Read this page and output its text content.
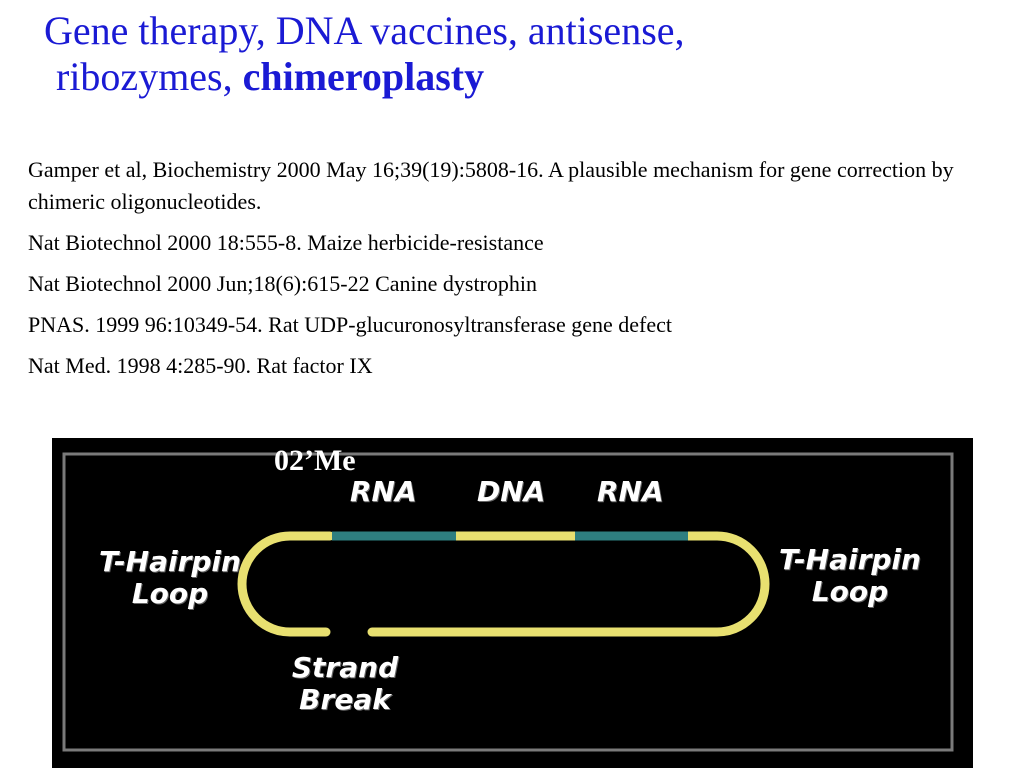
Gene therapy, DNA vaccines, antisense,
ribozymes, chimeroplasty

Gamper et al, Biochemistry 2000 May 16;39(19):5808-16. A plausible mechanism for gene correction by chimeric oligonucleotides.

Nat Biotechnol 2000 18:555-8. Maize herbicide-resistance

Nat Biotechnol 2000 Jun;18(6):615-22 Canine dystrophin

PNAS. 1999 96:10349-54. Rat UDP-glucuronosyltransferase gene defect

Nat Med. 1998 4:285-90. Rat factor IX

02’Me
RNA DNA RNA
T-Hairpin Loop
T-Hairpin Loop
Strand Break
